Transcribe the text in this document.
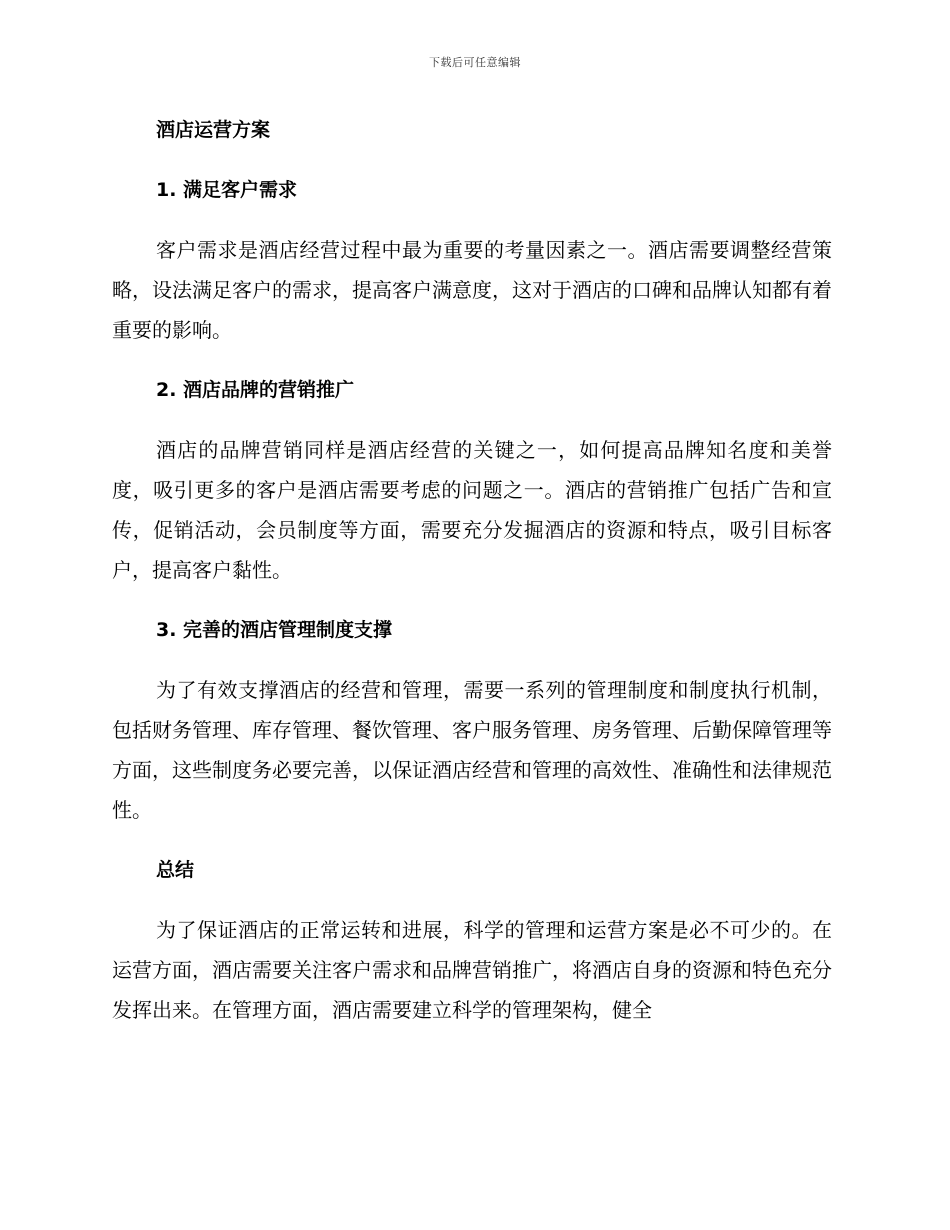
下载后可任意编辑
酒店运营方案
1. 满足客户需求

客户需求是酒店经营过程中最为重要的考量因素之一。酒店需要调整经营策略，设法满足客户的需求，提高客户满意度，这对于酒店的口碑和品牌认知都有着重要的影响。

2. 酒店品牌的营销推广

酒店的品牌营销同样是酒店经营的关键之一，如何提高品牌知名度和美誉度，吸引更多的客户是酒店需要考虑的问题之一。酒店的营销推广包括广告和宣传，促销活动，会员制度等方面，需要充分发掘酒店的资源和特点，吸引目标客户，提高客户黏性。

3. 完善的酒店管理制度支撑

为了有效支撑酒店的经营和管理，需要一系列的管理制度和制度执行机制，包括财务管理、库存管理、餐饮管理、客户服务管理、房务管理、后勤保障管理等方面，这些制度务必要完善，以保证酒店经营和管理的高效性、准确性和法律规范性。

总结

为了保证酒店的正常运转和进展，科学的管理和运营方案是必不可少的。在运营方面，酒店需要关注客户需求和品牌营销推广，将酒店自身的资源和特色充分发挥出来。在管理方面，酒店需要建立科学的管理架构，健全
